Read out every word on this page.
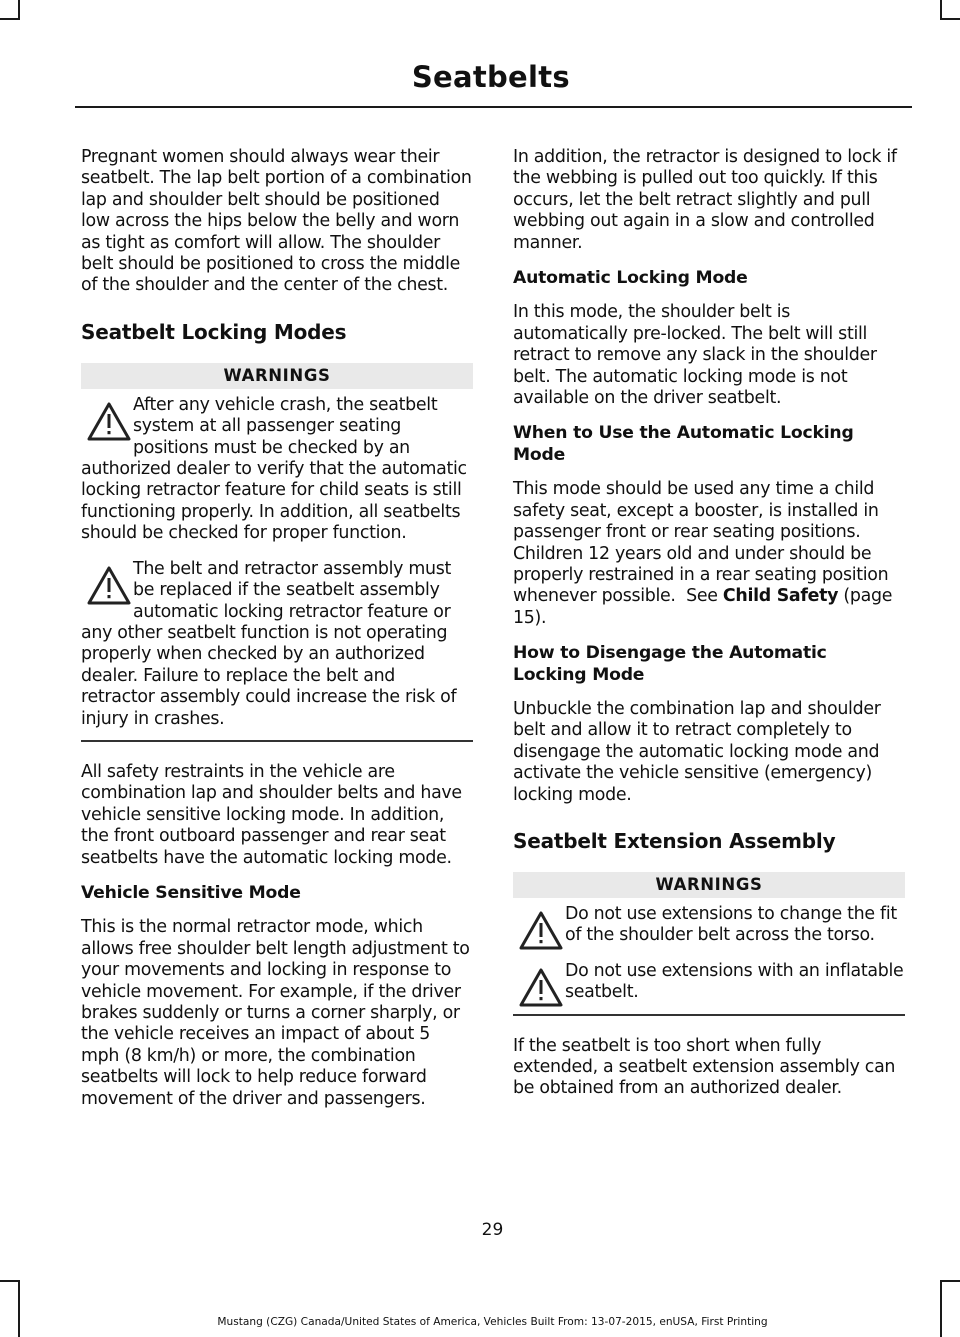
Seatbelts

Pregnant women should always wear their seatbelt. The lap belt portion of a combination lap and shoulder belt should be positioned low across the hips below the belly and worn as tight as comfort will allow. The shoulder belt should be positioned to cross the middle of the shoulder and the center of the chest.

Seatbelt Locking Modes
WARNINGS

After any vehicle crash, the seatbelt system at all passenger seating positions must be checked by an authorized dealer to verify that the automatic locking retractor feature for child seats is still functioning properly. In addition, all seatbelts should be checked for proper function.

The belt and retractor assembly must be replaced if the seatbelt assembly automatic locking retractor feature or any other seatbelt function is not operating properly when checked by an authorized dealer. Failure to replace the belt and retractor assembly could increase the risk of injury in crashes.

All safety restraints in the vehicle are combination lap and shoulder belts and have vehicle sensitive locking mode. In addition, the front outboard passenger and rear seat seatbelts have the automatic locking mode.

Vehicle Sensitive Mode

This is the normal retractor mode, which allows free shoulder belt length adjustment to your movements and locking in response to vehicle movement. For example, if the driver brakes suddenly or turns a corner sharply, or the vehicle receives an impact of about 5 mph (8 km/h) or more, the combination seatbelts will lock to help reduce forward movement of the driver and passengers.

In addition, the retractor is designed to lock if the webbing is pulled out too quickly. If this occurs, let the belt retract slightly and pull webbing out again in a slow and controlled manner.

Automatic Locking Mode

In this mode, the shoulder belt is automatically pre-locked. The belt will still retract to remove any slack in the shoulder belt. The automatic locking mode is not available on the driver seatbelt.

When to Use the Automatic Locking Mode

This mode should be used any time a child safety seat, except a booster, is installed in passenger front or rear seating positions. Children 12 years old and under should be properly restrained in a rear seating position whenever possible. See Child Safety (page 15).

How to Disengage the Automatic Locking Mode

Unbuckle the combination lap and shoulder belt and allow it to retract completely to disengage the automatic locking mode and activate the vehicle sensitive (emergency) locking mode.

Seatbelt Extension Assembly
WARNINGS

Do not use extensions to change the fit of the shoulder belt across the torso.

Do not use extensions with an inflatable seatbelt.

If the seatbelt is too short when fully extended, a seatbelt extension assembly can be obtained from an authorized dealer.

29
Mustang (CZG) Canada/United States of America, Vehicles Built From: 13-07-2015, enUSA, First Printing
